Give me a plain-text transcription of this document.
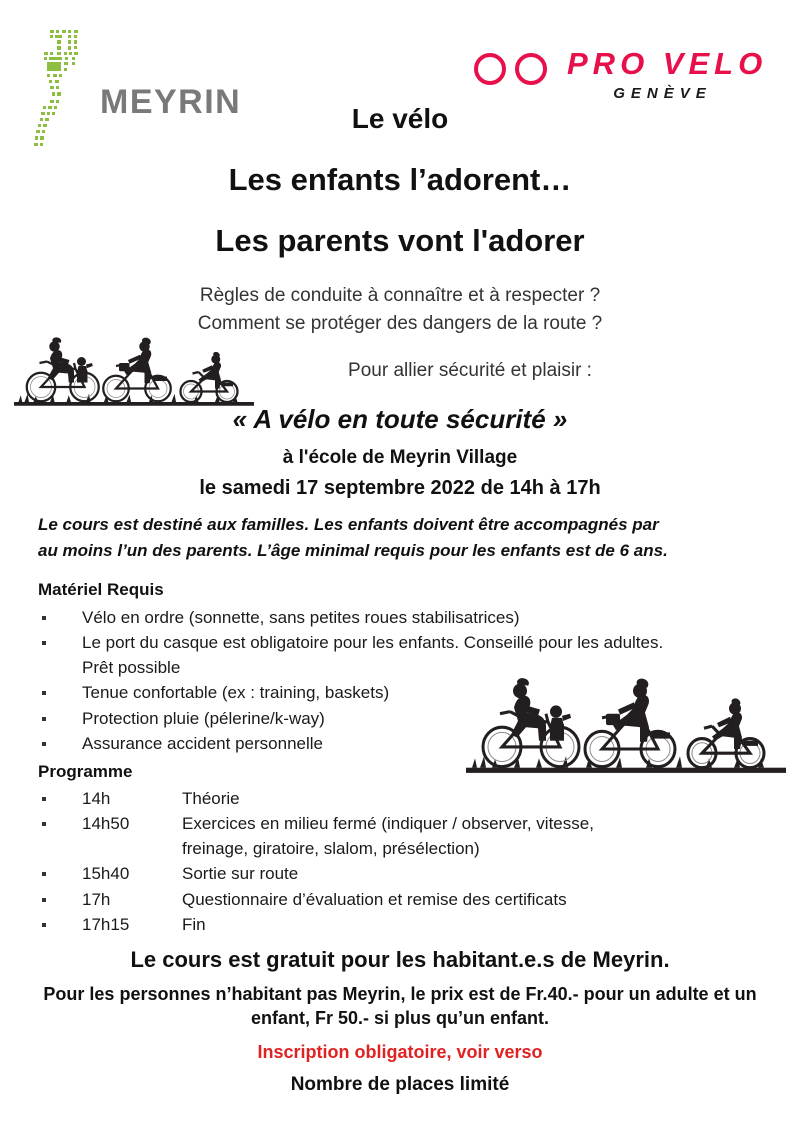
MEYRIN
PRO VELO
GENÈVE
Le vélo
Les enfants l’adorent…
Les parents vont l'adorer
Règles de conduite à connaître et à respecter ?
Comment se protéger des dangers de la route ?
Pour allier sécurité et plaisir :
« A vélo en toute sécurité »
à l'école de Meyrin Village
le samedi 17 septembre 2022 de 14h à 17h
Le cours est destiné aux familles. Les enfants doivent être accompagnés par au moins l’un des parents. L’âge minimal requis pour les enfants est de 6 ans.
Matériel Requis
Vélo en ordre (sonnette, sans petites roues stabilisatrices)
Le port du casque est obligatoire pour les enfants. Conseillé pour les adultes. Prêt possible
Tenue confortable (ex : training, baskets)
Protection pluie (pélerine/k-way)
Assurance accident personnelle
Programme
14h	Théorie
14h50	Exercices en milieu fermé (indiquer / observer, vitesse, freinage, giratoire, slalom, présélection)
15h40	Sortie sur route
17h	Questionnaire d’évaluation et remise des certificats
17h15	Fin
Le cours est gratuit pour les habitant.e.s de Meyrin.
Pour les personnes n’habitant pas Meyrin, le prix est de Fr.40.- pour un adulte et un enfant, Fr 50.- si plus qu’un enfant.
Inscription obligatoire, voir verso
Nombre de places limité
